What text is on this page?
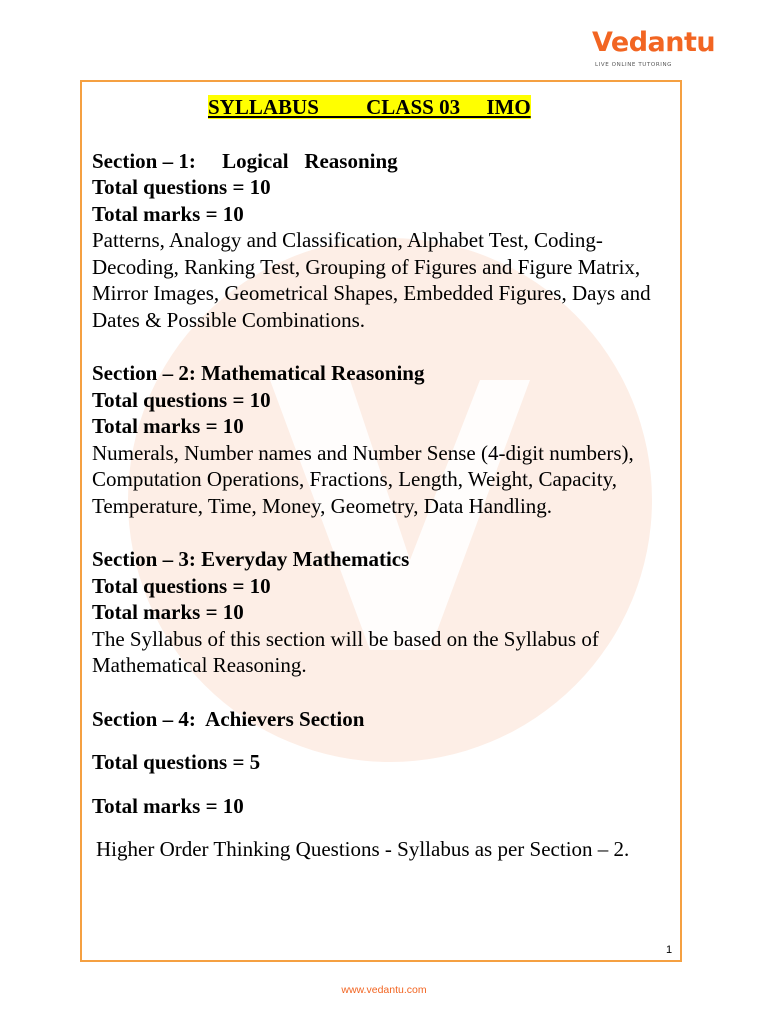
Vedantu
LIVE ONLINE TUTORING
SYLLABUS         CLASS 03     IMO
Section – 1:     Logical   Reasoning
Total questions = 10
Total marks = 10
Patterns, Analogy and Classification, Alphabet Test, Coding-Decoding, Ranking Test, Grouping of Figures and Figure Matrix, Mirror Images, Geometrical Shapes, Embedded Figures, Days and Dates & Possible Combinations.
Section – 2: Mathematical Reasoning
Total questions = 10
Total marks = 10
Numerals, Number names and Number Sense (4-digit numbers), Computation Operations, Fractions, Length, Weight, Capacity, Temperature, Time, Money, Geometry, Data Handling.
Section – 3: Everyday Mathematics
Total questions = 10
Total marks = 10
The Syllabus of this section will be based on the Syllabus of Mathematical Reasoning.
Section – 4:  Achievers Section
Total questions = 5
Total marks = 10
Higher Order Thinking Questions - Syllabus as per Section – 2.
1
www.vedantu.com
